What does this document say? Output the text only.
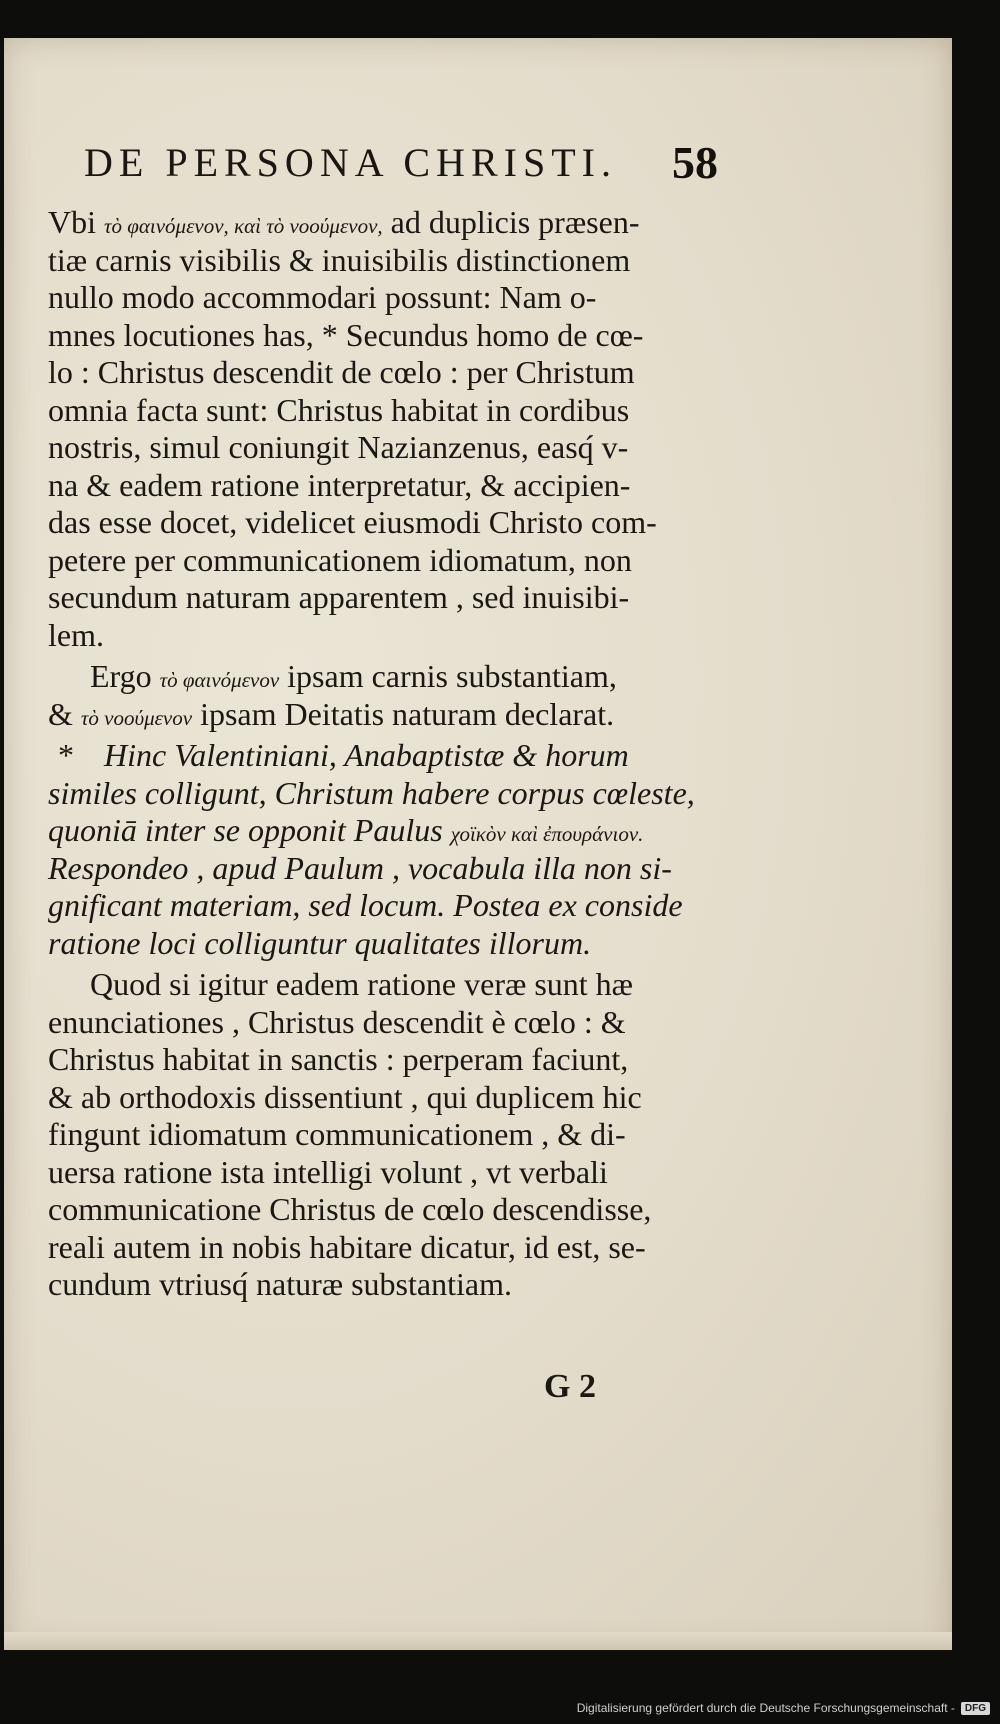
DE PERSONA CHRISTI.	58
Vbi τὸ φαινόμενον, καὶ τὸ νοούμενον, ad duplicis præsen-
tiæ carnis visibilis & inuisibilis distinctionem
nullo modo accommodari possunt: Nam o-
mnes locutiones has, * Secundus homo de cœ-
lo : Christus descendit de cœlo : per Christum
omnia facta sunt: Christus habitat in cordibus
nostris, simul coniungit Nazianzenus, easq́ v-
na & eadem ratione interpretatur, & accipien-
das esse docet, videlicet eiusmodi Christo com-
petere per communicationem idiomatum, non
secundum naturam apparentem , sed inuisibi-
lem.
Ergo τὸ φαινόμενον ipsam carnis substantiam,
& τὸ νοούμενον ipsam Deitatis naturam declarat.
* Hinc Valentiniani, Anabaptistæ & horum
similes colligunt, Christum habere corpus cœleste,
quoniā inter se opponit Paulus χοϊκὸν καὶ ἐπουράνιον.
Respondeo , apud Paulum , vocabula illa non si-
gnificant materiam, sed locum. Postea ex conside
ratione loci colliguntur qualitates illorum.
Quod si igitur eadem ratione veræ sunt hæ
enunciationes , Christus descendit è cœlo : &
Christus habitat in sanctis : perperam faciunt,
& ab orthodoxis dissentiunt , qui duplicem hic
fingunt idiomatum communicationem , & di-
uersa ratione ista intelligi volunt , vt verbali
communicatione Christus de cœlo descendisse,
reali autem in nobis habitare dicatur, id est, se-
cundum vtriusq́ naturæ substantiam.
G 2
Digitalisierung gefördert durch die Deutsche Forschungsgemeinschaft -	DFG
